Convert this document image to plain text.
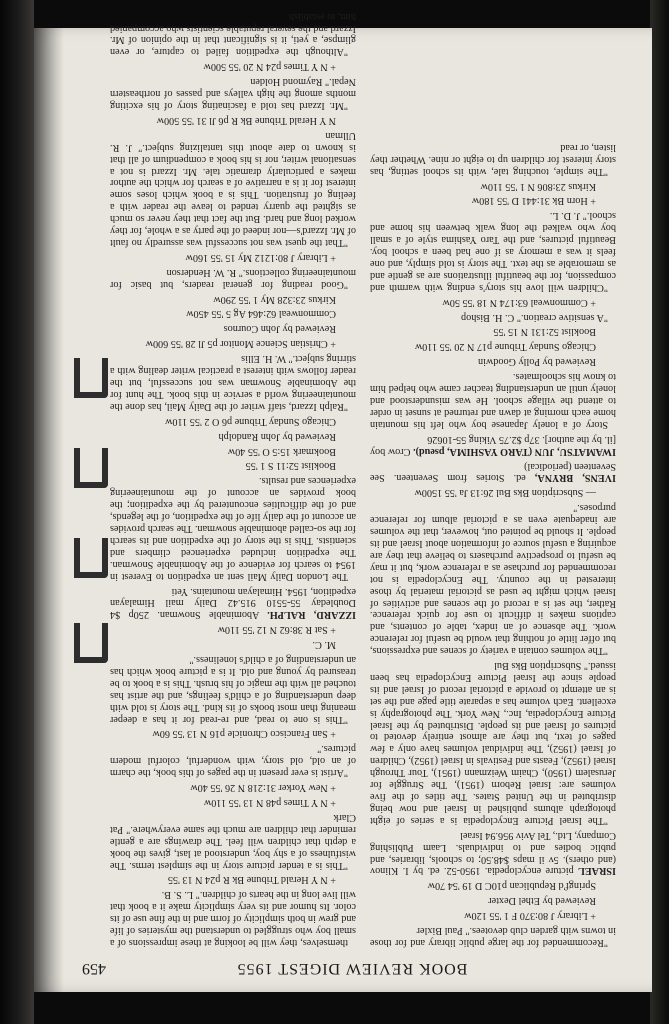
BOOK REVIEW DIGEST 1955
459

"Recommended for the large public library and for those in towns with garden club devotees." Paul Bixler

+ Library J 80:370 F 1 '55 120w

Reviewed by Ethel Dexter

Springf'd Republican p10C D 19 '54 70w

ISRAEL picture encyclopedia. 1950-52. ed. by I. Klinov (and others). 5v il maps $48.50; to schools, libraries, and public bodies and to individuals. Laam Publishing Company, Ltd., Tel Aviv 956.94 Israel

"The Israel Picture Encyclopedia is a series of eight photograph albums published in Israel and now being distributed in the United States. The titles of the five volumes are: Israel Reborn (1951), The Struggle for Jerusalem (1950), Chaim Weizmann (1951), Tour Through Israel (1952), Feasts and Festivals in Israel (1952), Children of Israel (1952), The individual volumes have only a few pages of text, but they are almost entirely devoted to pictures of Israel and its people. Distributed by the Israel Picture Encyclopedia, Inc., New York. The photography is excellent. Each volume has a separate title page and the set is an attempt to provide a pictorial record of Israel and its people since the Israel Picture Encyclopedia has been issued." Subscription Bks Bul

"The volumes contain a variety of scenes and expressions, but offer little of nothing that would be useful for reference work. The absence of an index, table of contents, and captions makes it difficult to use for quick reference. Rather, the set is a record of the scenes and activities of Israel which might be used as pictorial material by those interested in the country. The Encyclopedia is not recommended for purchase as a reference work, but it may be useful to prospective purchasers to believe that they are acquiring a useful source of information about Israel and its people. It should be pointed out, however, that the volumes are inadequate even as a pictorial album for reference purposes."

— Subscription Bks Bul 26:13 Ja '55 1500w

IVENS, BRYNA, ed. Stories from Seventeen. See Seventeen (periodical)

IWAMATSU, JUN (TARO YASHIMA, pseud). Crow boy [il. by the author]. 37p $2.75 Viking 55-10626

Story of a lonely Japanese boy who left his mountain home each morning at dawn and returned at sunset in order to attend the village school. He was misunderstood and lonely until an understanding teacher came who helped him to know his schoolmates.

Reviewed by Polly Goodwin

Chicago Sunday Tribune p17 N 20 '55 110w

Booklist 52:131 N 15 '55

"A sensitive creation." C. H. Bishop

+ Commonweal 63:174 N 18 '55 50w

"Children will love his story's ending with warmth and compassion, for the beautiful illustrations are as gentle and as memorable as the text. The story is told simply, and one feels it was a memory as if one had been a school boy. Beautiful pictures, and the Taro Yashima style of a small boy who walked the long walk between his home and school." J. D. L.

+ Horn Bk 31:441 D '55 180w

Kirkus 23:806 N 1 '55 110w

"The simple, touching tale, with its school setting, has story interest for children up to eight or nine. Whether they listen, or read

themselves, they will be looking at these impressions of a small boy who struggled to understand the mysteries of life and grew in both simplicity of form and in the fine use of its color. Its humor and its very simplicity make it a book that will live long in the hearts of children." L. S. B.

+ N Y Herald Tribune Bk R p24 N 13 '55

"This is a tender picture story in the simplest terms. The wistfulness of a shy boy, understood at last, gives the book a depth that children will feel. The drawings are a gentle reminder that children are much the same everywhere." Pat Clark

+ N Y Times p48 N 13 '55 110w

+ New Yorker 31:218 N 26 '55 40w

"Artist is ever present in the pages of this book, the charm of an old, old story, with wonderful, colorful modern pictures."

+ San Francisco Chronicle p16 N 13 '55 60w

"This is one to read, and re-read for it has a deeper meaning than most books of its kind. The story is told with deep understanding of a child's feelings, and the artist has touched all with the magic of his brush. This is a book to be treasured by young and old. It is a picture book which has an understanding of a child's loneliness."

M. C.

+ Sat R 38:62 N 12 '55 110w

IZZARD, RALPH. Abominable Snowman. 250p $4 Doubleday 55-5510 915.42 Daily mail Himalayan expedition, 1954. Himalayan mountains. Yeti

The London Daily Mail sent an expedition to Everest in 1954 to search for evidence of the Abominable Snowman. The expedition included experienced climbers and scientists. This is the story of the expedition and its search for the so-called abominable snowman. The search provides an account of the daily life of the expedition, of the legends, and of the difficulties encountered by the expedition; the book provides an account of the mountaineering experiences and results.

Booklist 52:11 S 1 '55

Bookmark 15:5 O '55 40w

Reviewed by John Randolph

Chicago Sunday Tribune p6 O 2 '55 110w

"Ralph Izzard, staff writer of the Daily Mail, has done the mountaineering world a service in this book. The hunt for the Abominable Snowman was not successful, but the reader follows with interest a practical writer dealing with a stirring subject." W. H. Ellis

+ Christian Science Monitor p5 Jl 28 '55 600w

Reviewed by John Cournos

Commonweal 62:464 Ag 5 '55 450w

Kirkus 23:328 My 1 '55 290w

"Good reading for general readers, but basic for mountaineering collections." R. W. Henderson

+ Library J 80:1212 My 15 '55 160w

"That the quest was not successful was assuredly no fault of Mr. Izzard's—nor indeed of the party as a whole, for they worked long and hard. But the fact that they never so much as sighted the quarry tended to leave the reader with a feeling of frustration. This is a book which loses some interest for it is a narrative of a search for which the author makes a particularly dramatic tale. Mr. Izzard is not a sensational writer, nor is his book a compendium of all that is known to date about this tantalizing subject." J. R. Ullman

N Y Herald Tribune Bk R p6 Jl 31 '55 500w

"Mr. Izzard has told a fascinating story of his exciting months among the high valleys and passes of northeastern Nepal." Raymond Holden

+ N Y Times p24 N 20 '55 500w

"Although the expedition failed to capture, or even glimpse, a yeti, it is significant that in the opinion of Mr. Izzard and the several reputable scientists who accompanied him, to establish
